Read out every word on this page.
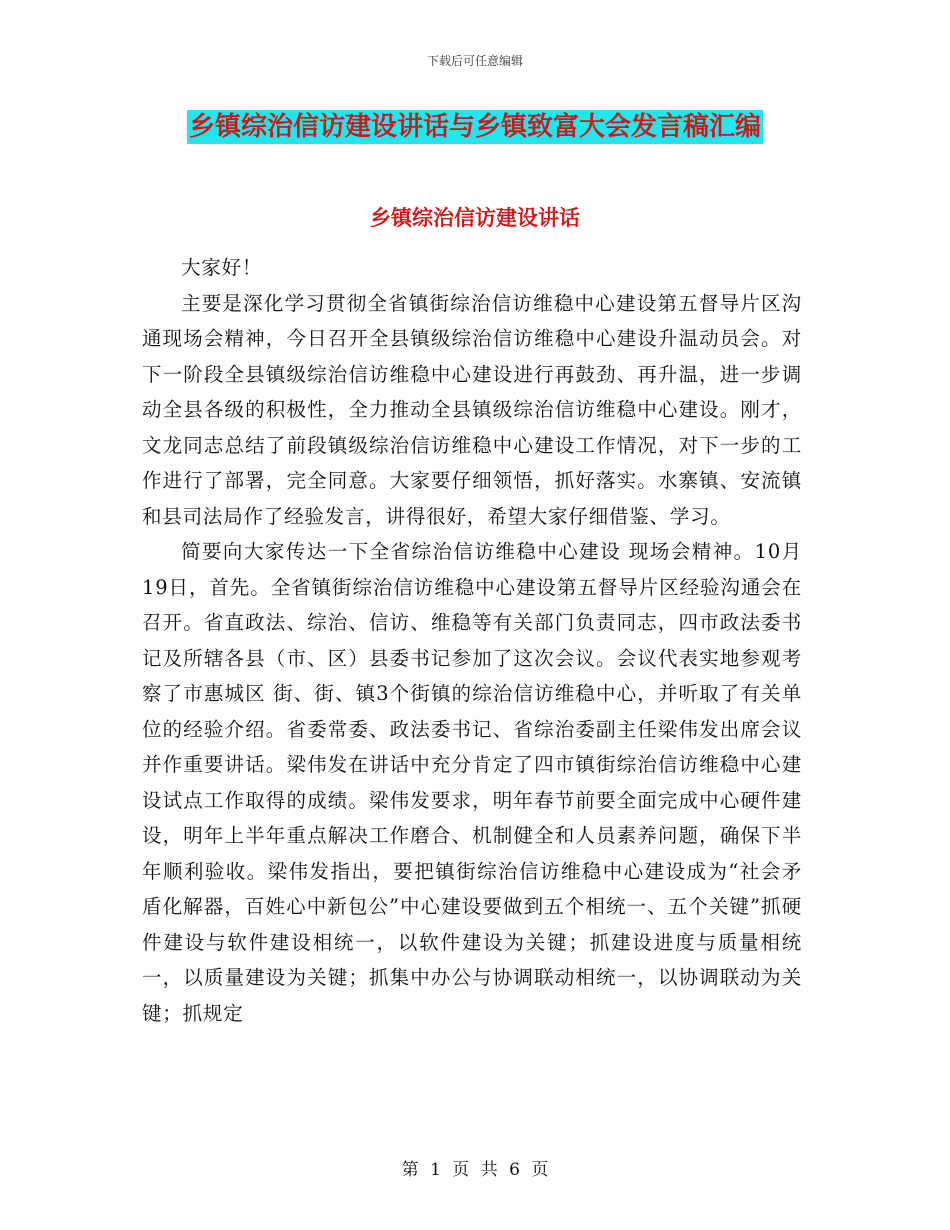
下载后可任意编辑
乡镇综治信访建设讲话与乡镇致富大会发言稿汇编
乡镇综治信访建设讲话

大家好！

主要是深化学习贯彻全省镇街综治信访维稳中心建设第五督导片区沟通现场会精神，今日召开全县镇级综治信访维稳中心建设升温动员会。对下一阶段全县镇级综治信访维稳中心建设进行再鼓劲、再升温，进一步调动全县各级的积极性，全力推动全县镇级综治信访维稳中心建设。刚才，文龙同志总结了前段镇级综治信访维稳中心建设工作情况，对下一步的工作进行了部署，完全同意。大家要仔细领悟，抓好落实。水寨镇、安流镇和县司法局作了经验发言，讲得很好，希望大家仔细借鉴、学习。

简要向大家传达一下全省综治信访维稳中心建设 现场会精神。10月19日，首先。全省镇街综治信访维稳中心建设第五督导片区经验沟通会在召开。省直政法、综治、信访、维稳等有关部门负责同志，四市政法委书记及所辖各县（市、区）县委书记参加了这次会议。会议代表实地参观考察了市惠城区 街、街、镇3个街镇的综治信访维稳中心，并听取了有关单位的经验介绍。省委常委、政法委书记、省综治委副主任梁伟发出席会议并作重要讲话。梁伟发在讲话中充分肯定了四市镇街综治信访维稳中心建设试点工作取得的成绩。梁伟发要求，明年春节前要全面完成中心硬件建设，明年上半年重点解决工作磨合、机制健全和人员素养问题，确保下半年顺利验收。梁伟发指出，要把镇街综治信访维稳中心建设成为“社会矛盾化解器，百姓心中新包公”中心建设要做到五个相统一、五个关键”抓硬件建设与软件建设相统一，以软件建设为关键；抓建设进度与质量相统一，以质量建设为关键；抓集中办公与协调联动相统一，以协调联动为关键；抓规定

第 1 页 共 6 页
